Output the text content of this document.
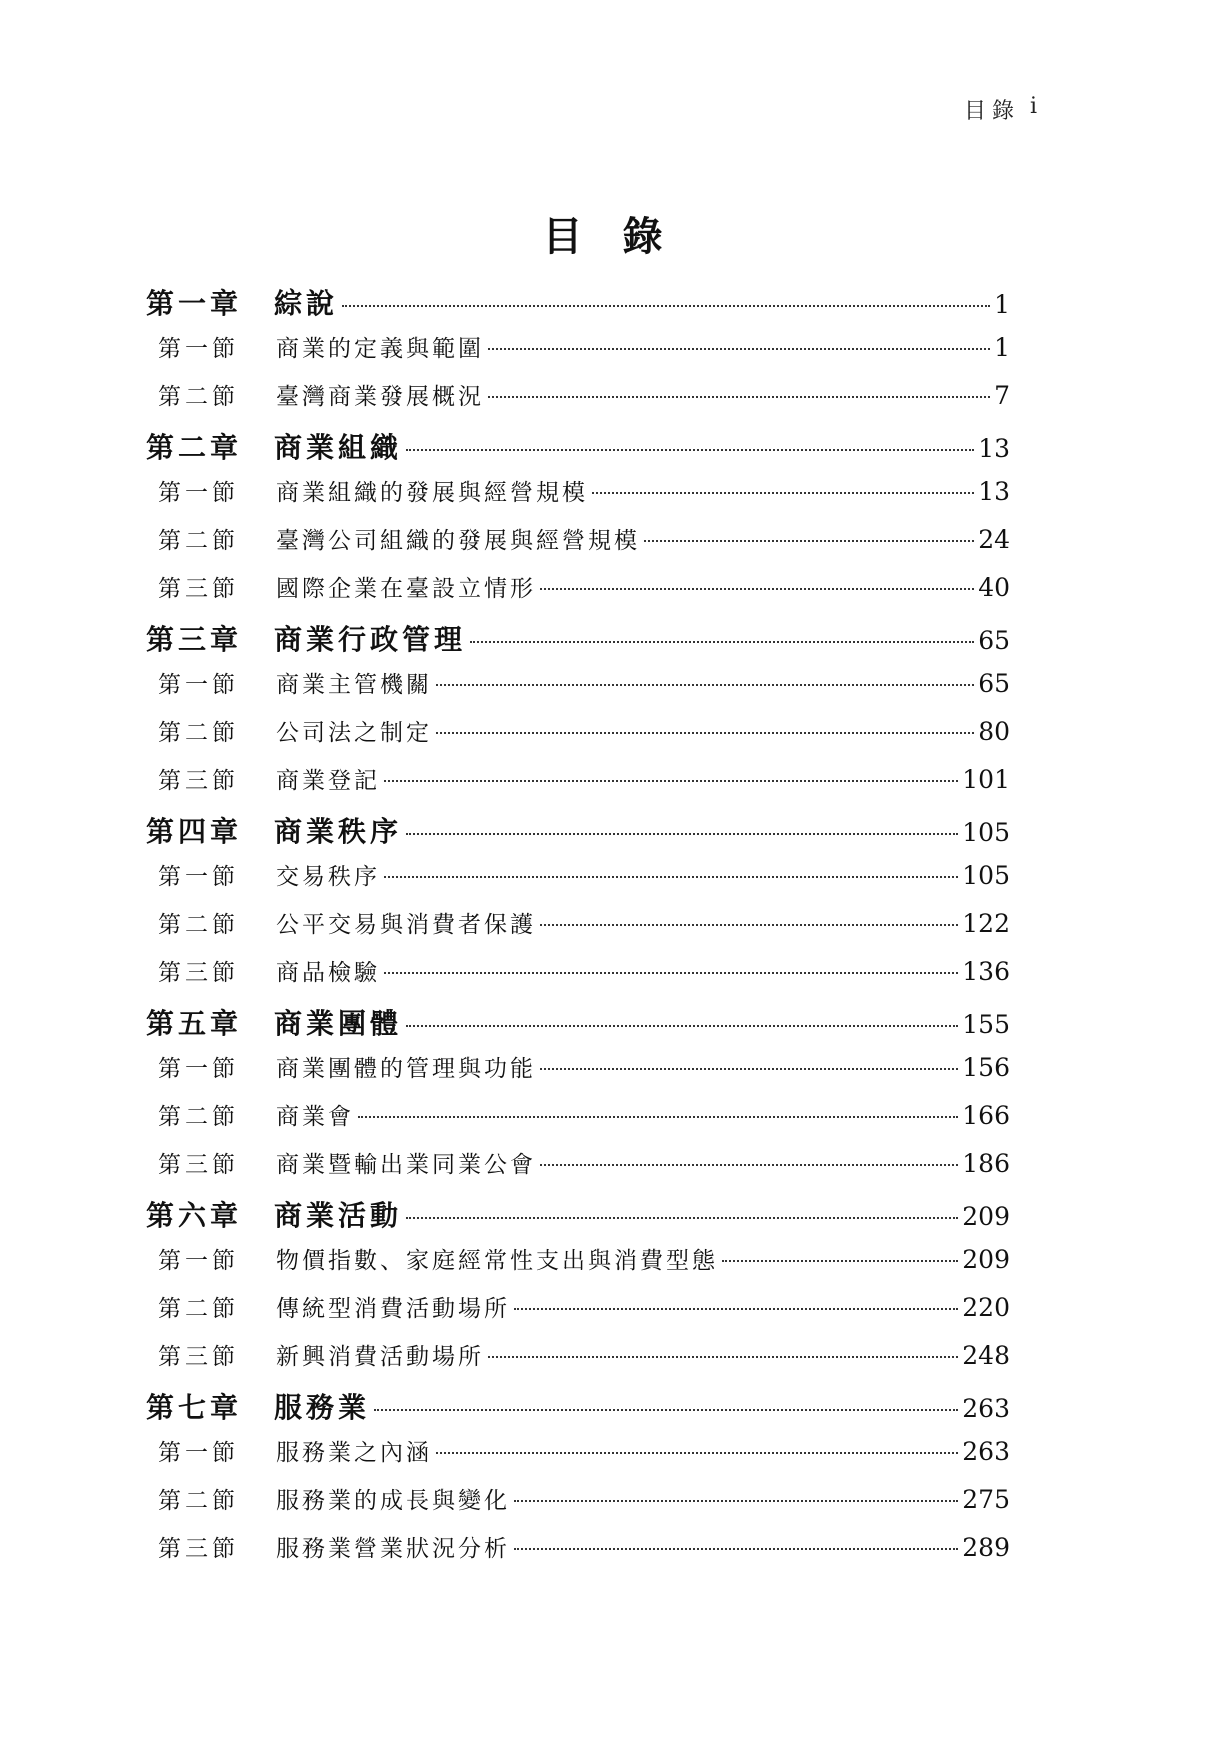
目錄 i
目錄
第一章	綜說	1
第一節	商業的定義與範圍	1
第二節	臺灣商業發展概況	7
第二章	商業組織	13
第一節	商業組織的發展與經營規模	13
第二節	臺灣公司組織的發展與經營規模	24
第三節	國際企業在臺設立情形	40
第三章	商業行政管理	65
第一節	商業主管機關	65
第二節	公司法之制定	80
第三節	商業登記	101
第四章	商業秩序	105
第一節	交易秩序	105
第二節	公平交易與消費者保護	122
第三節	商品檢驗	136
第五章	商業團體	155
第一節	商業團體的管理與功能	156
第二節	商業會	166
第三節	商業暨輸出業同業公會	186
第六章	商業活動	209
第一節	物價指數、家庭經常性支出與消費型態	209
第二節	傳統型消費活動場所	220
第三節	新興消費活動場所	248
第七章	服務業	263
第一節	服務業之內涵	263
第二節	服務業的成長與變化	275
第三節	服務業營業狀況分析	289
